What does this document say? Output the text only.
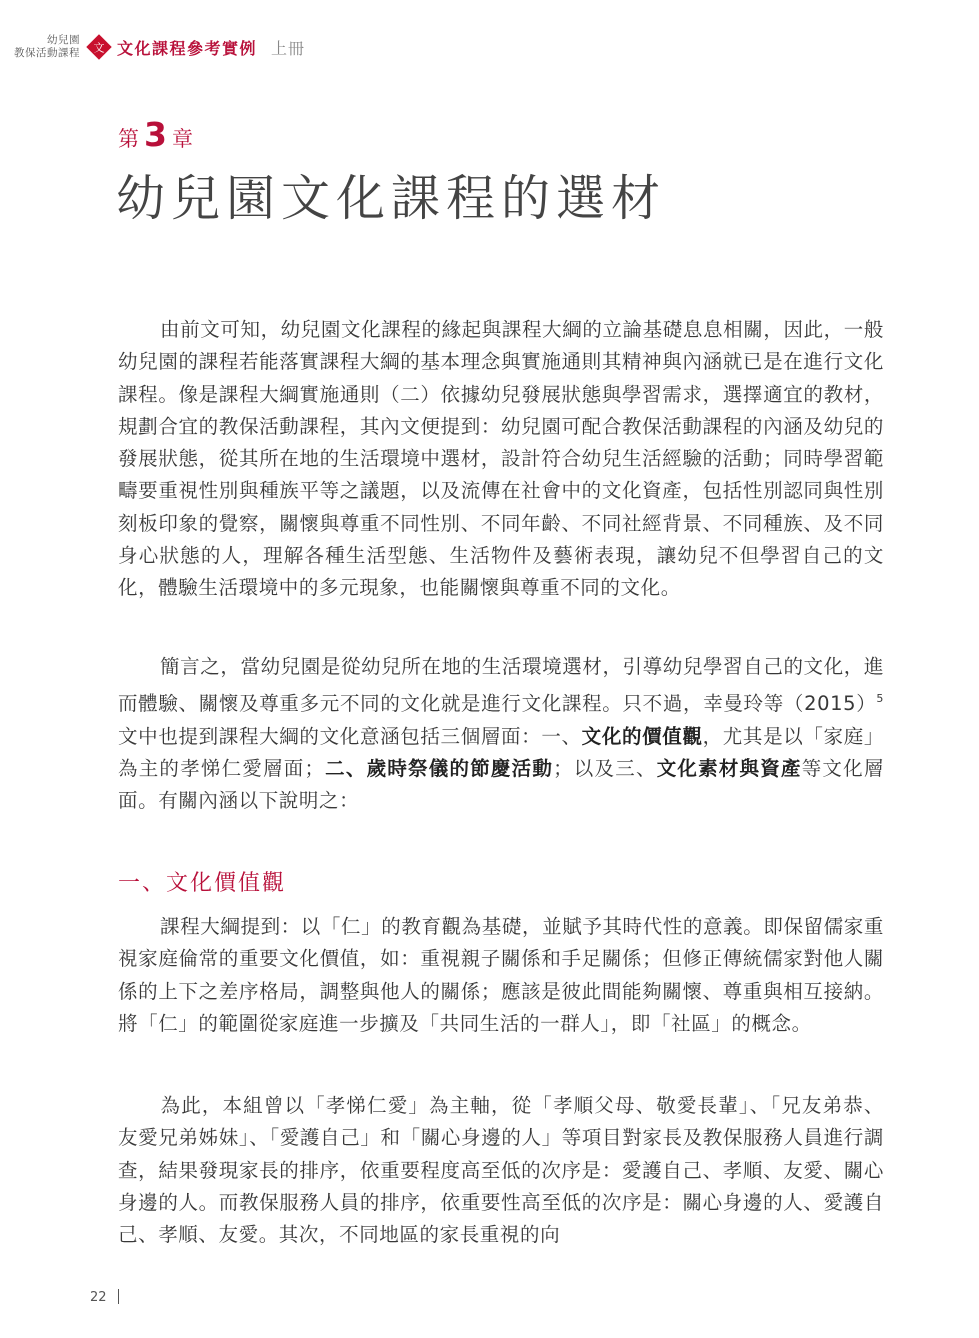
幼兒園
教保活動課程 文 文化課程參考實例 上冊
第 3 章
幼兒園文化課程的選材

由前文可知，幼兒園文化課程的緣起與課程大綱的立論基礎息息相關，因此，一般幼兒園的課程若能落實課程大綱的基本理念與實施通則其精神與內涵就已是在進行文化課程。像是課程大綱實施通則（二）依據幼兒發展狀態與學習需求，選擇適宜的教材，規劃合宜的教保活動課程，其內文便提到：幼兒園可配合教保活動課程的內涵及幼兒的發展狀態，從其所在地的生活環境中選材，設計符合幼兒生活經驗的活動；同時學習範疇要重視性別與種族平等之議題，以及流傳在社會中的文化資產，包括性別認同與性別刻板印象的覺察，關懷與尊重不同性別、不同年齡、不同社經背景、不同種族、及不同身心狀態的人，理解各種生活型態、生活物件及藝術表現，讓幼兒不但學習自己的文化，體驗生活環境中的多元現象，也能關懷與尊重不同的文化。

簡言之，當幼兒園是從幼兒所在地的生活環境選材，引導幼兒學習自己的文化，進而體驗、關懷及尊重多元不同的文化就是進行文化課程。只不過，幸曼玲等$(2015)^5$文中也提到課程大綱的文化意涵包括三個層面：一、文化的價值觀，尤其是以「家庭」為主的孝悌仁愛層面；二、歲時祭儀的節慶活動；以及三、文化素材與資產等文化層面。有關內涵以下說明之：

一、文化價值觀

課程大綱提到：以「仁」的教育觀為基礎，並賦予其時代性的意義。即保留儒家重視家庭倫常的重要文化價值，如：重視親子關係和手足關係；但修正傳統儒家對他人關係的上下之差序格局，調整與他人的關係；應該是彼此間能夠關懷、尊重與相互接納。將「仁」的範圍從家庭進一步擴及「共同生活的一群人」，即「社區」的概念。

為此，本組曾以「孝悌仁愛」為主軸，從「孝順父母、敬愛長輩」、「兄友弟恭、友愛兄弟姊妹」、「愛護自己」和「關心身邊的人」等項目對家長及教保服務人員進行調查，結果發現家長的排序，依重要程度高至低的次序是：愛護自己、孝順、友愛、關心身邊的人。而教保服務人員的排序，依重要性高至低的次序是：關心身邊的人、愛護自己、孝順、友愛。其次，不同地區的家長重視的向

22
